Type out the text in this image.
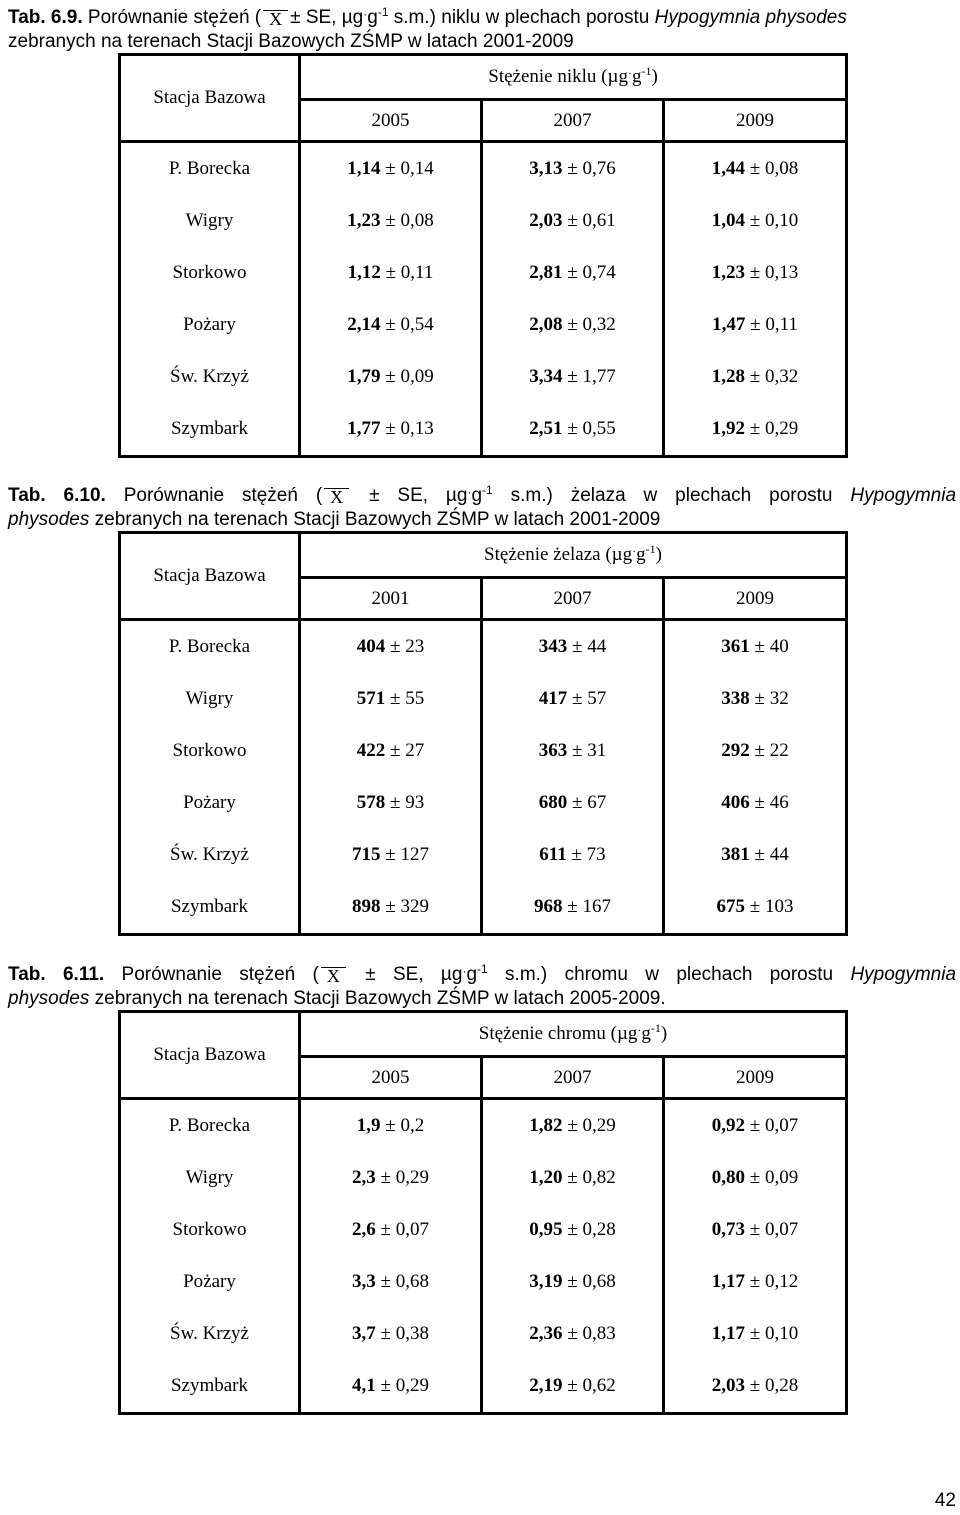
Tab. 6.9. Porównanie stężeń ( X ± SE, $\mu g^\cdot g^{-1}$ s.m.) niklu w plechach porostu Hypogymnia physodes
zebranych na terenach Stacji Bazowych ZŚMP w latach 2001-2009
Stacja Bazowa	Stężenie niklu $(\mu g^\cdot g^{-1})$		
	2005	2007	2009
P. Borecka	1,14 ± 0,14	3,13 ± 0,76	1,44 ± 0,08
Wigry	1,23 ± 0,08	2,03 ± 0,61	1,04 ± 0,10
Storkowo	1,12 ± 0,11	2,81 ± 0,74	1,23 ± 0,13
Pożary	2,14 ± 0,54	2,08 ± 0,32	1,47 ± 0,11
Św. Krzyż	1,79 ± 0,09	3,34 ± 1,77	1,28 ± 0,32
Szymbark	1,77 ± 0,13	2,51 ± 0,55	1,92 ± 0,29
Tab. 6.10. Porównanie stężeń ( X ± SE, $\mu g^\cdot g^{-1}$ s.m.) żelaza w plechach porostu Hypogymnia
physodes zebranych na terenach Stacji Bazowych ZŚMP w latach 2001-2009
Stacja Bazowa	Stężenie żelaza $(\mu g^\cdot g^{-1})$		
	2001	2007	2009
P. Borecka	404 ± 23	343 ± 44	361 ± 40
Wigry	571 ± 55	417 ± 57	338 ± 32
Storkowo	422 ± 27	363 ± 31	292 ± 22
Pożary	578 ± 93	680 ± 67	406 ± 46
Św. Krzyż	715 ± 127	611 ± 73	381 ± 44
Szymbark	898 ± 329	968 ± 167	675 ± 103
Tab. 6.11. Porównanie stężeń ( X ± SE, $\mu g^\cdot g^{-1}$ s.m.) chromu w plechach porostu Hypogymnia
physodes zebranych na terenach Stacji Bazowych ZŚMP w latach 2005-2009.
Stacja Bazowa	Stężenie chromu $(\mu g^\cdot g^{-1})$		
	2005	2007	2009
P. Borecka	1,9 ± 0,2	1,82 ± 0,29	0,92 ± 0,07
Wigry	2,3 ± 0,29	1,20 ± 0,82	0,80 ± 0,09
Storkowo	2,6 ± 0,07	0,95 ± 0,28	0,73 ± 0,07
Pożary	3,3 ± 0,68	3,19 ± 0,68	1,17 ± 0,12
Św. Krzyż	3,7 ± 0,38	2,36 ± 0,83	1,17 ± 0,10
Szymbark	4,1 ± 0,29	2,19 ± 0,62	2,03 ± 0,28
42
